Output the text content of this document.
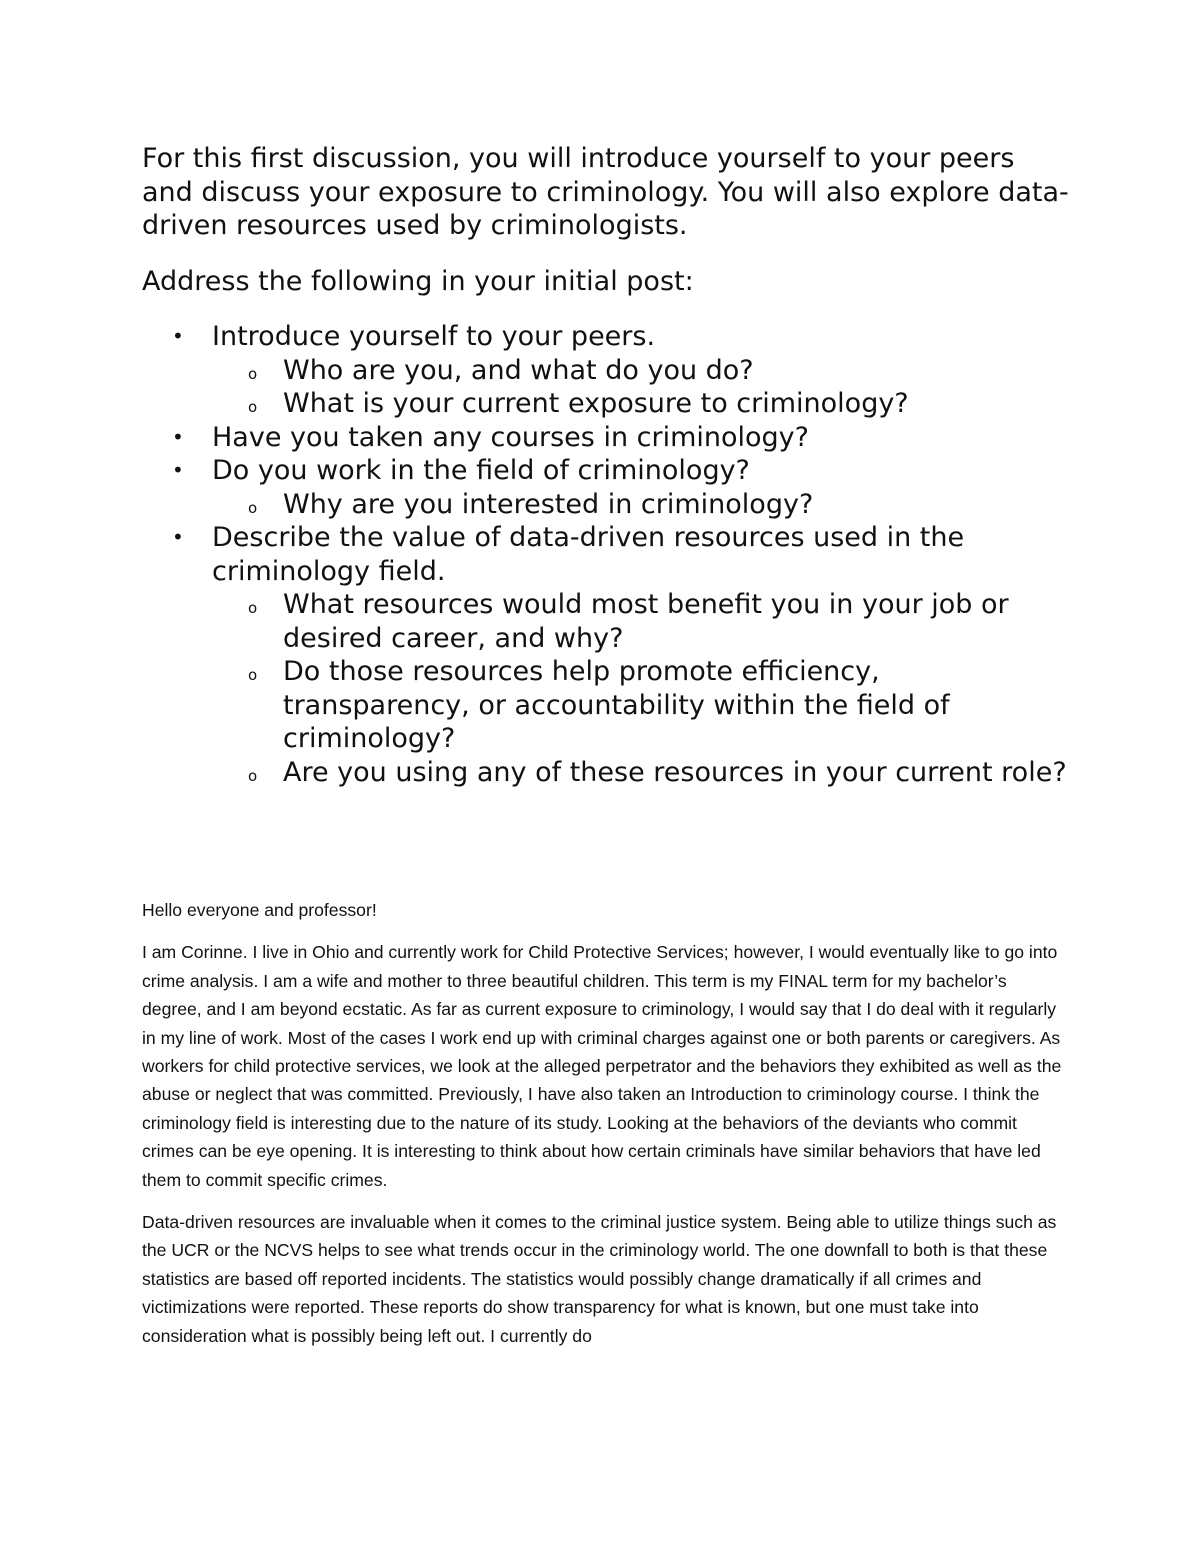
For this first discussion, you will introduce yourself to your peers and discuss your exposure to criminology. You will also explore data-driven resources used by criminologists.

Address the following in your initial post:

• Introduce yourself to your peers.
o Who are you, and what do you do?
o What is your current exposure to criminology?
• Have you taken any courses in criminology?
• Do you work in the field of criminology?
o Why are you interested in criminology?
• Describe the value of data-driven resources used in the criminology field.
o What resources would most benefit you in your job or desired career, and why?
o Do those resources help promote efficiency, transparency, or accountability within the field of criminology?
o Are you using any of these resources in your current role?

Hello everyone and professor!

I am Corinne. I live in Ohio and currently work for Child Protective Services; however, I would eventually like to go into crime analysis. I am a wife and mother to three beautiful children. This term is my FINAL term for my bachelor’s degree, and I am beyond ecstatic. As far as current exposure to criminology, I would say that I do deal with it regularly in my line of work. Most of the cases I work end up with criminal charges against one or both parents or caregivers. As workers for child protective services, we look at the alleged perpetrator and the behaviors they exhibited as well as the abuse or neglect that was committed. Previously, I have also taken an Introduction to criminology course. I think the criminology field is interesting due to the nature of its study. Looking at the behaviors of the deviants who commit crimes can be eye opening. It is interesting to think about how certain criminals have similar behaviors that have led them to commit specific crimes.

Data-driven resources are invaluable when it comes to the criminal justice system. Being able to utilize things such as the UCR or the NCVS helps to see what trends occur in the criminology world. The one downfall to both is that these statistics are based off reported incidents. The statistics would possibly change dramatically if all crimes and victimizations were reported. These reports do show transparency for what is known, but one must take into consideration what is possibly being left out. I currently do
